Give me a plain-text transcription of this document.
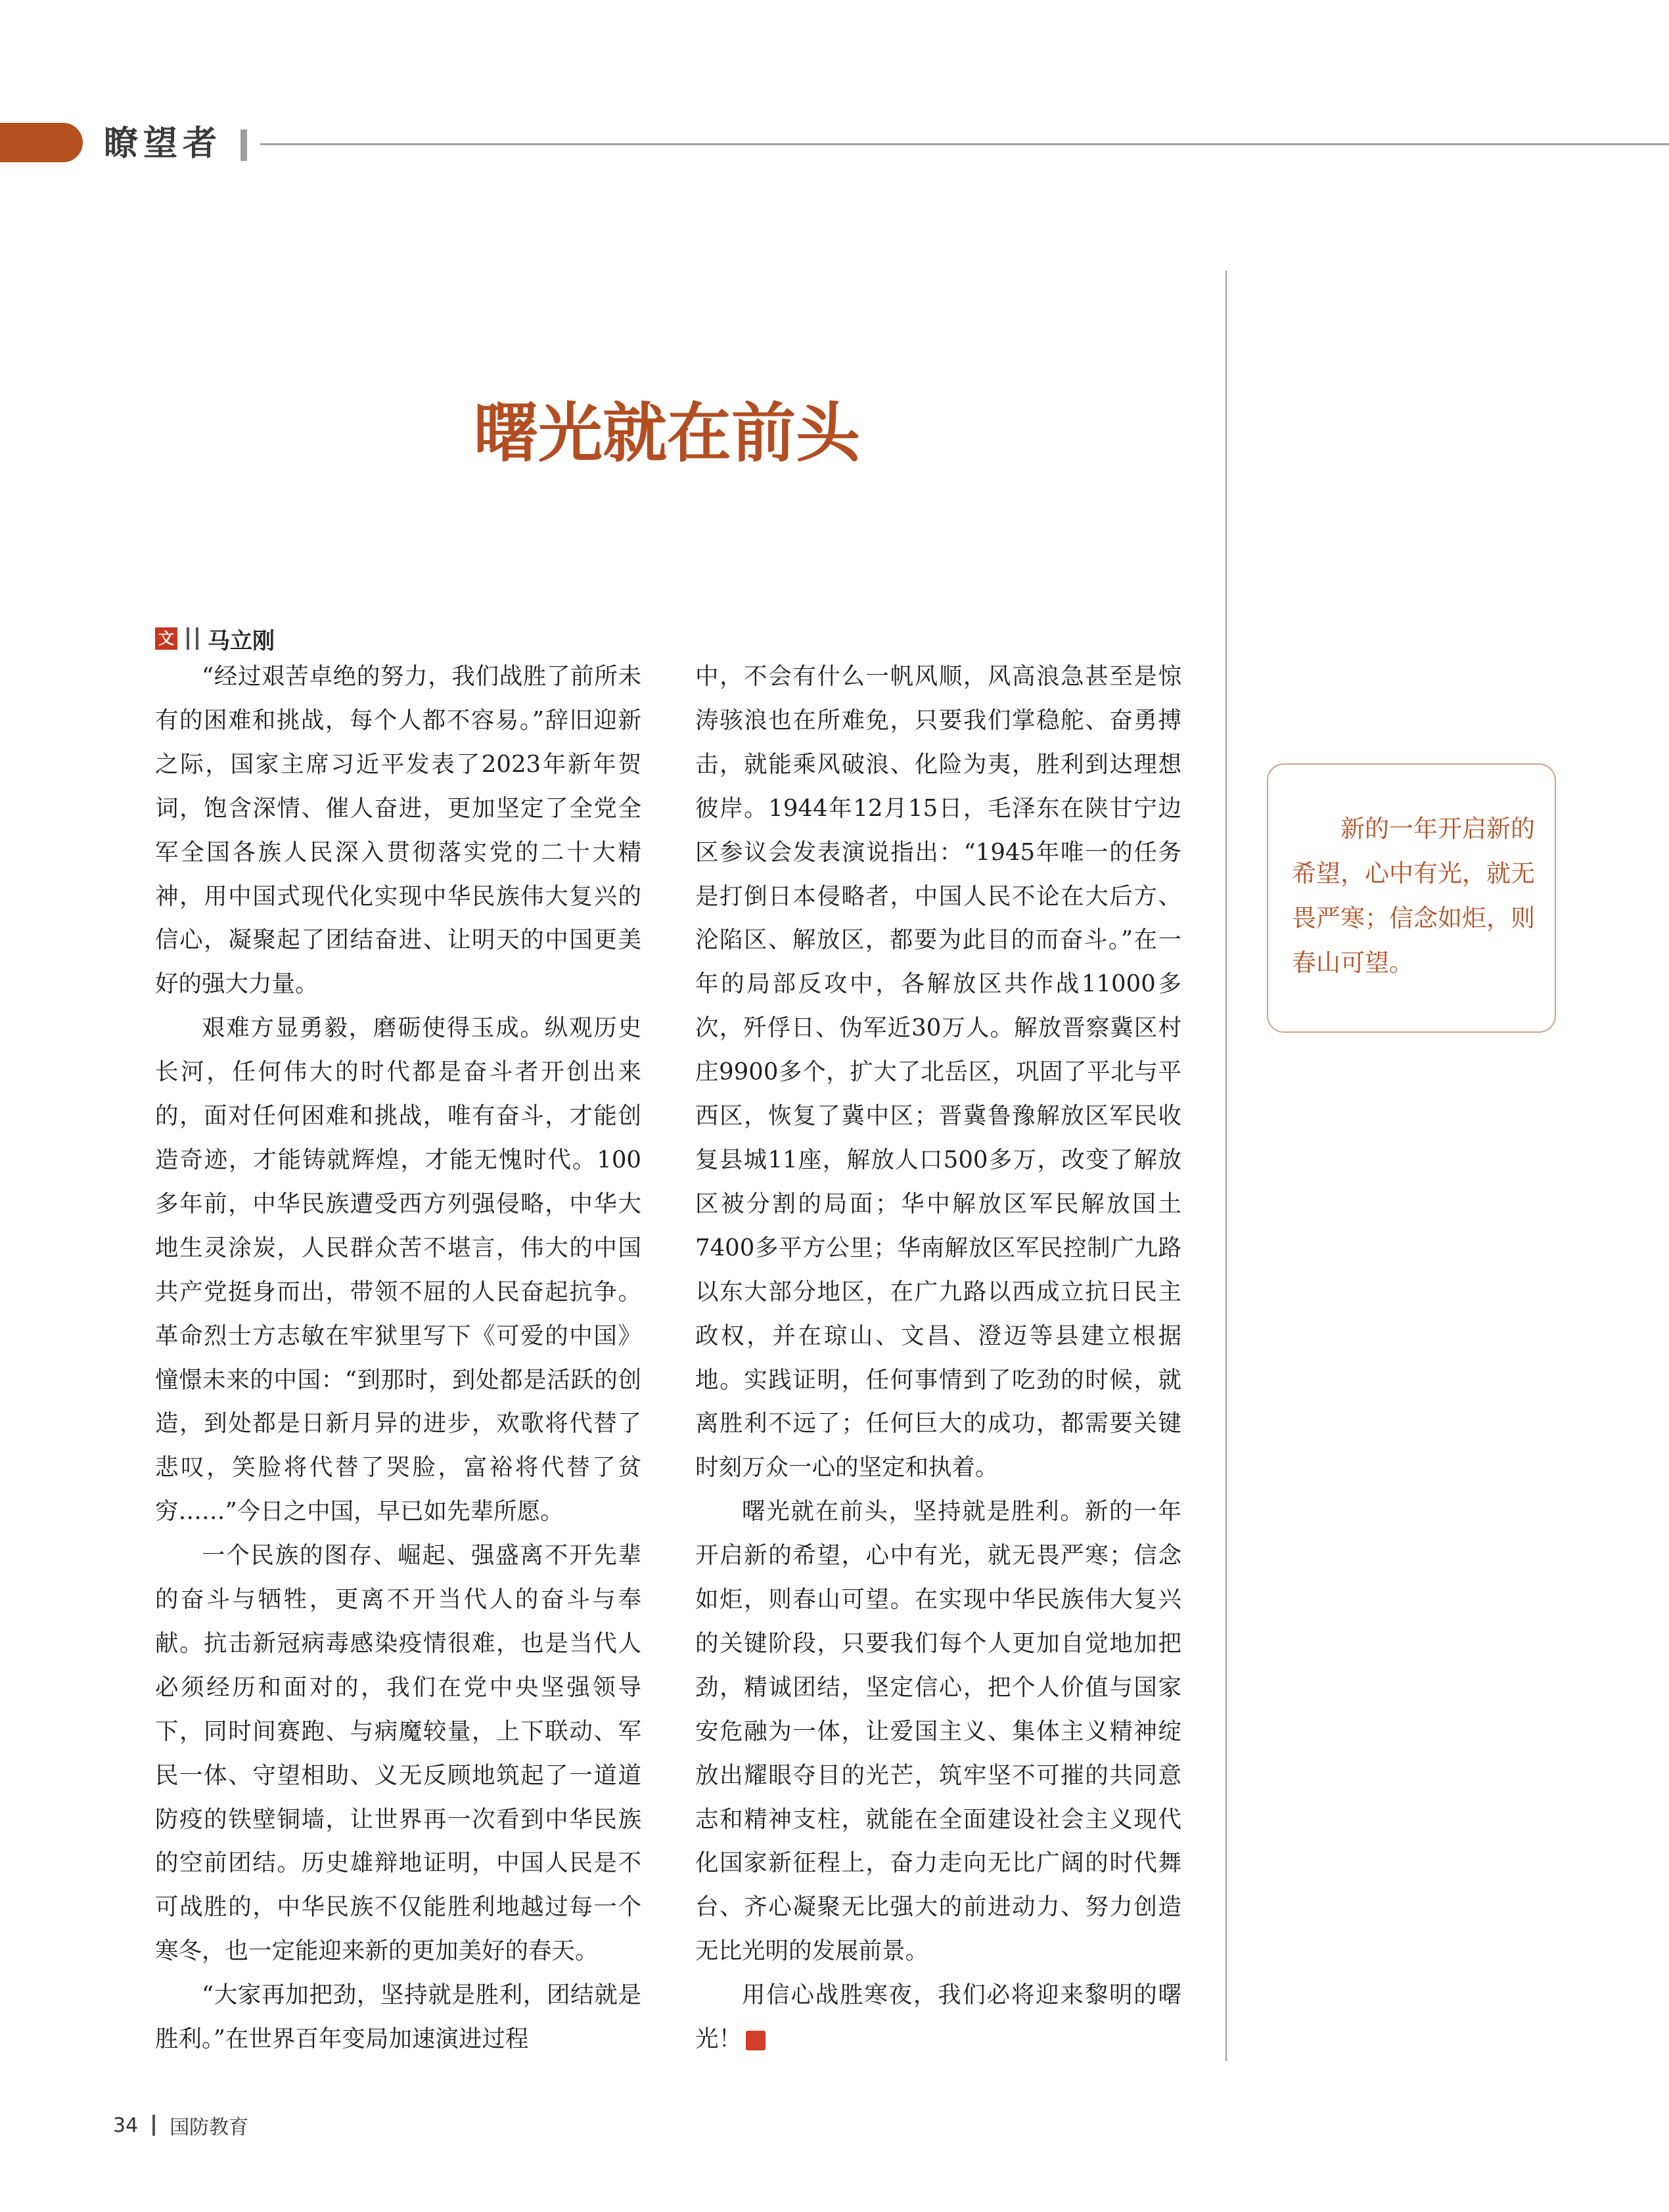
瞭望者
曙光就在前头
文 马立刚

“经过艰苦卓绝的努力，我们战胜了前所未有的困难和挑战，每个人都不容易。”辞旧迎新之际，国家主席习近平发表了2023年新年贺词，饱含深情、催人奋进，更加坚定了全党全军全国各族人民深入贯彻落实党的二十大精神，用中国式现代化实现中华民族伟大复兴的信心，凝聚起了团结奋进、让明天的中国更美好的强大力量。

艰难方显勇毅，磨砺使得玉成。纵观历史长河，任何伟大的时代都是奋斗者开创出来的，面对任何困难和挑战，唯有奋斗，才能创造奇迹，才能铸就辉煌，才能无愧时代。100多年前，中华民族遭受西方列强侵略，中华大地生灵涂炭，人民群众苦不堪言，伟大的中国共产党挺身而出，带领不屈的人民奋起抗争。革命烈士方志敏在牢狱里写下《可爱的中国》憧憬未来的中国：“到那时，到处都是活跃的创造，到处都是日新月异的进步，欢歌将代替了悲叹，笑脸将代替了哭脸，富裕将代替了贫穷……”今日之中国，早已如先辈所愿。

一个民族的图存、崛起、强盛离不开先辈的奋斗与牺牲，更离不开当代人的奋斗与奉献。抗击新冠病毒感染疫情很难，也是当代人必须经历和面对的，我们在党中央坚强领导下，同时间赛跑、与病魔较量，上下联动、军民一体、守望相助、义无反顾地筑起了一道道防疫的铁壁铜墙，让世界再一次看到中华民族的空前团结。历史雄辩地证明，中国人民是不可战胜的，中华民族不仅能胜利地越过每一个寒冬，也一定能迎来新的更加美好的春天。

“大家再加把劲，坚持就是胜利，团结就是胜利。”在世界百年变局加速演进过程

中，不会有什么一帆风顺，风高浪急甚至是惊涛骇浪也在所难免，只要我们掌稳舵、奋勇搏击，就能乘风破浪、化险为夷，胜利到达理想彼岸。1944年12月15日，毛泽东在陕甘宁边区参议会发表演说指出：“1945年唯一的任务是打倒日本侵略者，中国人民不论在大后方、沦陷区、解放区，都要为此目的而奋斗。”在一年的局部反攻中，各解放区共作战11000多次，歼俘日、伪军近30万人。解放晋察冀区村庄9900多个，扩大了北岳区，巩固了平北与平西区，恢复了冀中区；晋冀鲁豫解放区军民收复县城11座，解放人口500多万，改变了解放区被分割的局面；华中解放区军民解放国土7400多平方公里；华南解放区军民控制广九路以东大部分地区，在广九路以西成立抗日民主政权，并在琼山、文昌、澄迈等县建立根据地。实践证明，任何事情到了吃劲的时候，就离胜利不远了；任何巨大的成功，都需要关键时刻万众一心的坚定和执着。

曙光就在前头，坚持就是胜利。新的一年开启新的希望，心中有光，就无畏严寒；信念如炬，则春山可望。在实现中华民族伟大复兴的关键阶段，只要我们每个人更加自觉地加把劲，精诚团结，坚定信心，把个人价值与国家安危融为一体，让爱国主义、集体主义精神绽放出耀眼夺目的光芒，筑牢坚不可摧的共同意志和精神支柱，就能在全面建设社会主义现代化国家新征程上，奋力走向无比广阔的时代舞台、齐心凝聚无比强大的前进动力、努力创造无比光明的发展前景。

用信心战胜寒夜，我们必将迎来黎明的曙光！	G

新的一年开启新的希望，心中有光，就无畏严寒；信念如炬，则春山可望。

34 国防教育
